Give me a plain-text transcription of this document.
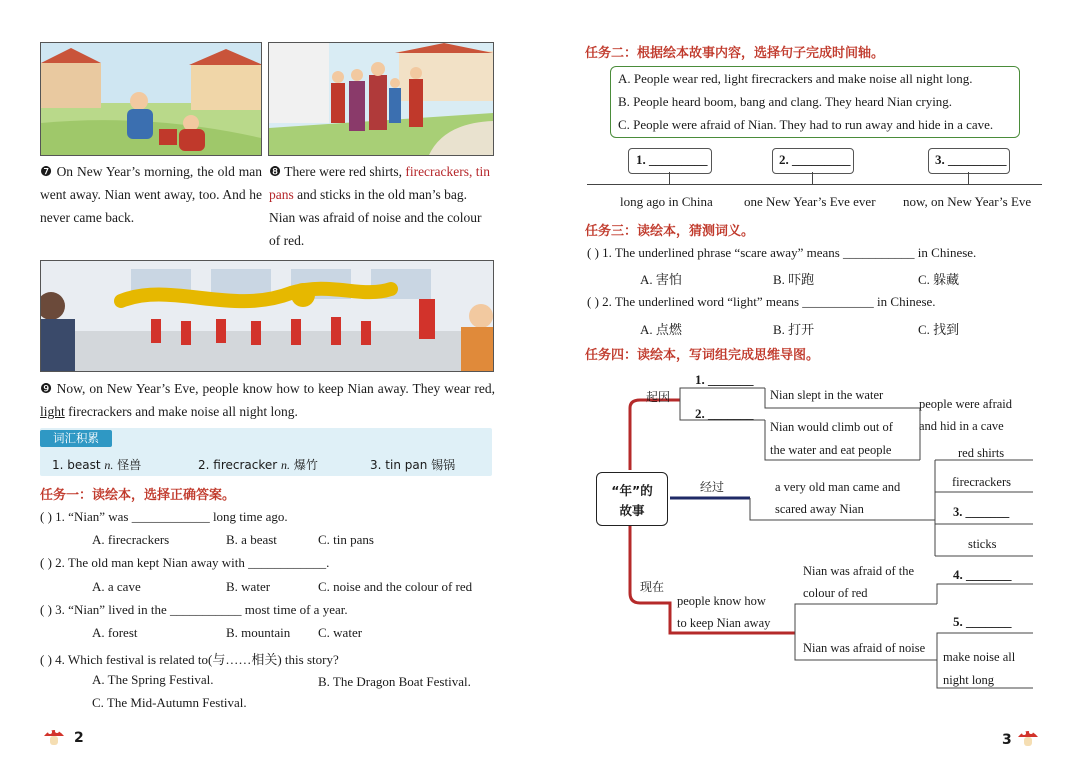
❼ On New Year’s morning, the old man went away. Nian went away, too. And he never came back.
❽ There were red shirts, firecrackers, tin pans and sticks in the old man’s bag. Nian was afraid of noise and the colour of red.
❾ Now, on New Year’s Eve, people know how to keep Nian away. They wear red, light firecrackers and make noise all night long.
词汇积累
1. beast n. 怪兽	2. firecracker n. 爆竹	3. tin pan 锡锅
任务一：读绘本，选择正确答案。
( ) 1. “Nian” was ____________ long time ago.
A. firecrackers	B. a beast	C. tin pans
( ) 2. The old man kept Nian away with ____________.
A. a cave	B. water	C. noise and the colour of red
( ) 3. “Nian” lived in the ___________ most time of a year.
A. forest	B. mountain C. water
( ) 4. Which festival is related to(与……相关) this story?
A. The Spring Festival.	B. The Dragon Boat Festival.
C. The Mid-Autumn Festival.
2
任务二：根据绘本故事内容，选择句子完成时间轴。
A. People wear red, light firecrackers and make noise all night long.
B. People heard boom, bang and clang. They heard Nian crying.
C. People were afraid of Nian. They had to run away and hide in a cave.
1. _________	2. _________	3. _________
long ago in China one New Year’s Eve ever now, on New Year’s Eve
任务三：读绘本，猜测词义。
( ) 1. The underlined phrase “scare away” means ___________ in Chinese.
A. 害怕	B. 吓跑	C. 躲藏
( ) 2. The underlined word “light” means ___________ in Chinese.
A. 点燃	B. 打开	C. 找到
任务四：读绘本，写词组完成思维导图。
“年”的
故事
起因
经过
现在
1. _______
2. _______
Nian slept in the water
Nian would climb out of
the water and eat people
people were afraid
and hid in a cave
a very old man came and
scared away Nian
red shirts
firecrackers
3. _______
sticks
people know how
to keep Nian away
Nian was afraid of the
colour of red
Nian was afraid of noise
4. _______
5. _______
make noise all
night long
3
